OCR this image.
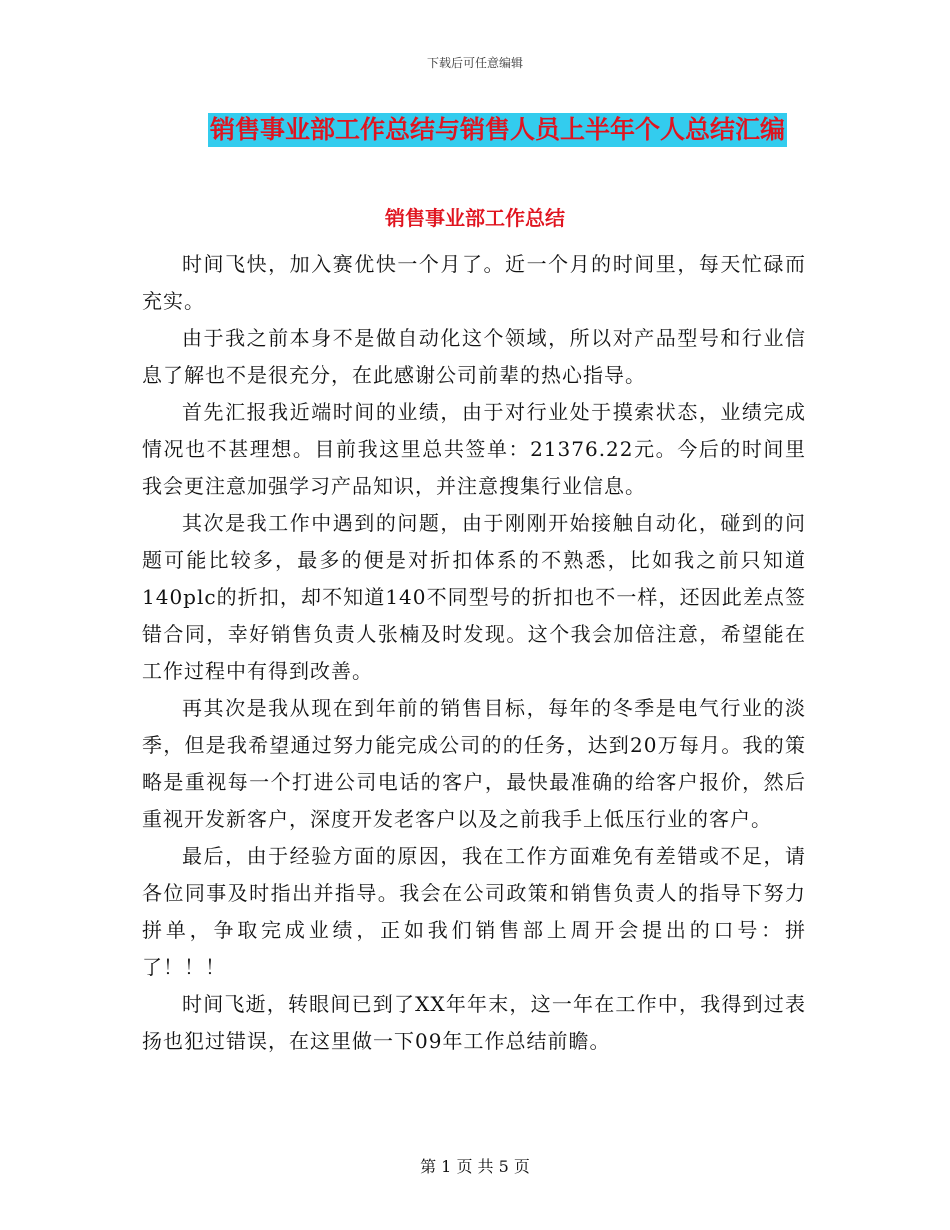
下载后可任意编辑
销售事业部工作总结与销售人员上半年个人总结汇编
销售事业部工作总结

时间飞快，加入赛优快一个月了。近一个月的时间里，每天忙碌而充实。

由于我之前本身不是做自动化这个领域，所以对产品型号和行业信息了解也不是很充分，在此感谢公司前辈的热心指导。

首先汇报我近端时间的业绩，由于对行业处于摸索状态，业绩完成情况也不甚理想。目前我这里总共签单：21376.22元。今后的时间里我会更注意加强学习产品知识，并注意搜集行业信息。

其次是我工作中遇到的问题，由于刚刚开始接触自动化，碰到的问题可能比较多，最多的便是对折扣体系的不熟悉，比如我之前只知道140plc的折扣，却不知道140不同型号的折扣也不一样，还因此差点签错合同，幸好销售负责人张楠及时发现。这个我会加倍注意，希望能在工作过程中有得到改善。

再其次是我从现在到年前的销售目标，每年的冬季是电气行业的淡季，但是我希望通过努力能完成公司的的任务，达到20万每月。我的策略是重视每一个打进公司电话的客户，最快最准确的给客户报价，然后重视开发新客户，深度开发老客户以及之前我手上低压行业的客户。

最后，由于经验方面的原因，我在工作方面难免有差错或不足，请各位同事及时指出并指导。我会在公司政策和销售负责人的指导下努力拼单，争取完成业绩，正如我们销售部上周开会提出的口号：拼了！！！

时间飞逝，转眼间已到了XX年年末，这一年在工作中，我得到过表扬也犯过错误，在这里做一下09年工作总结前瞻。

第 1 页 共 5 页
